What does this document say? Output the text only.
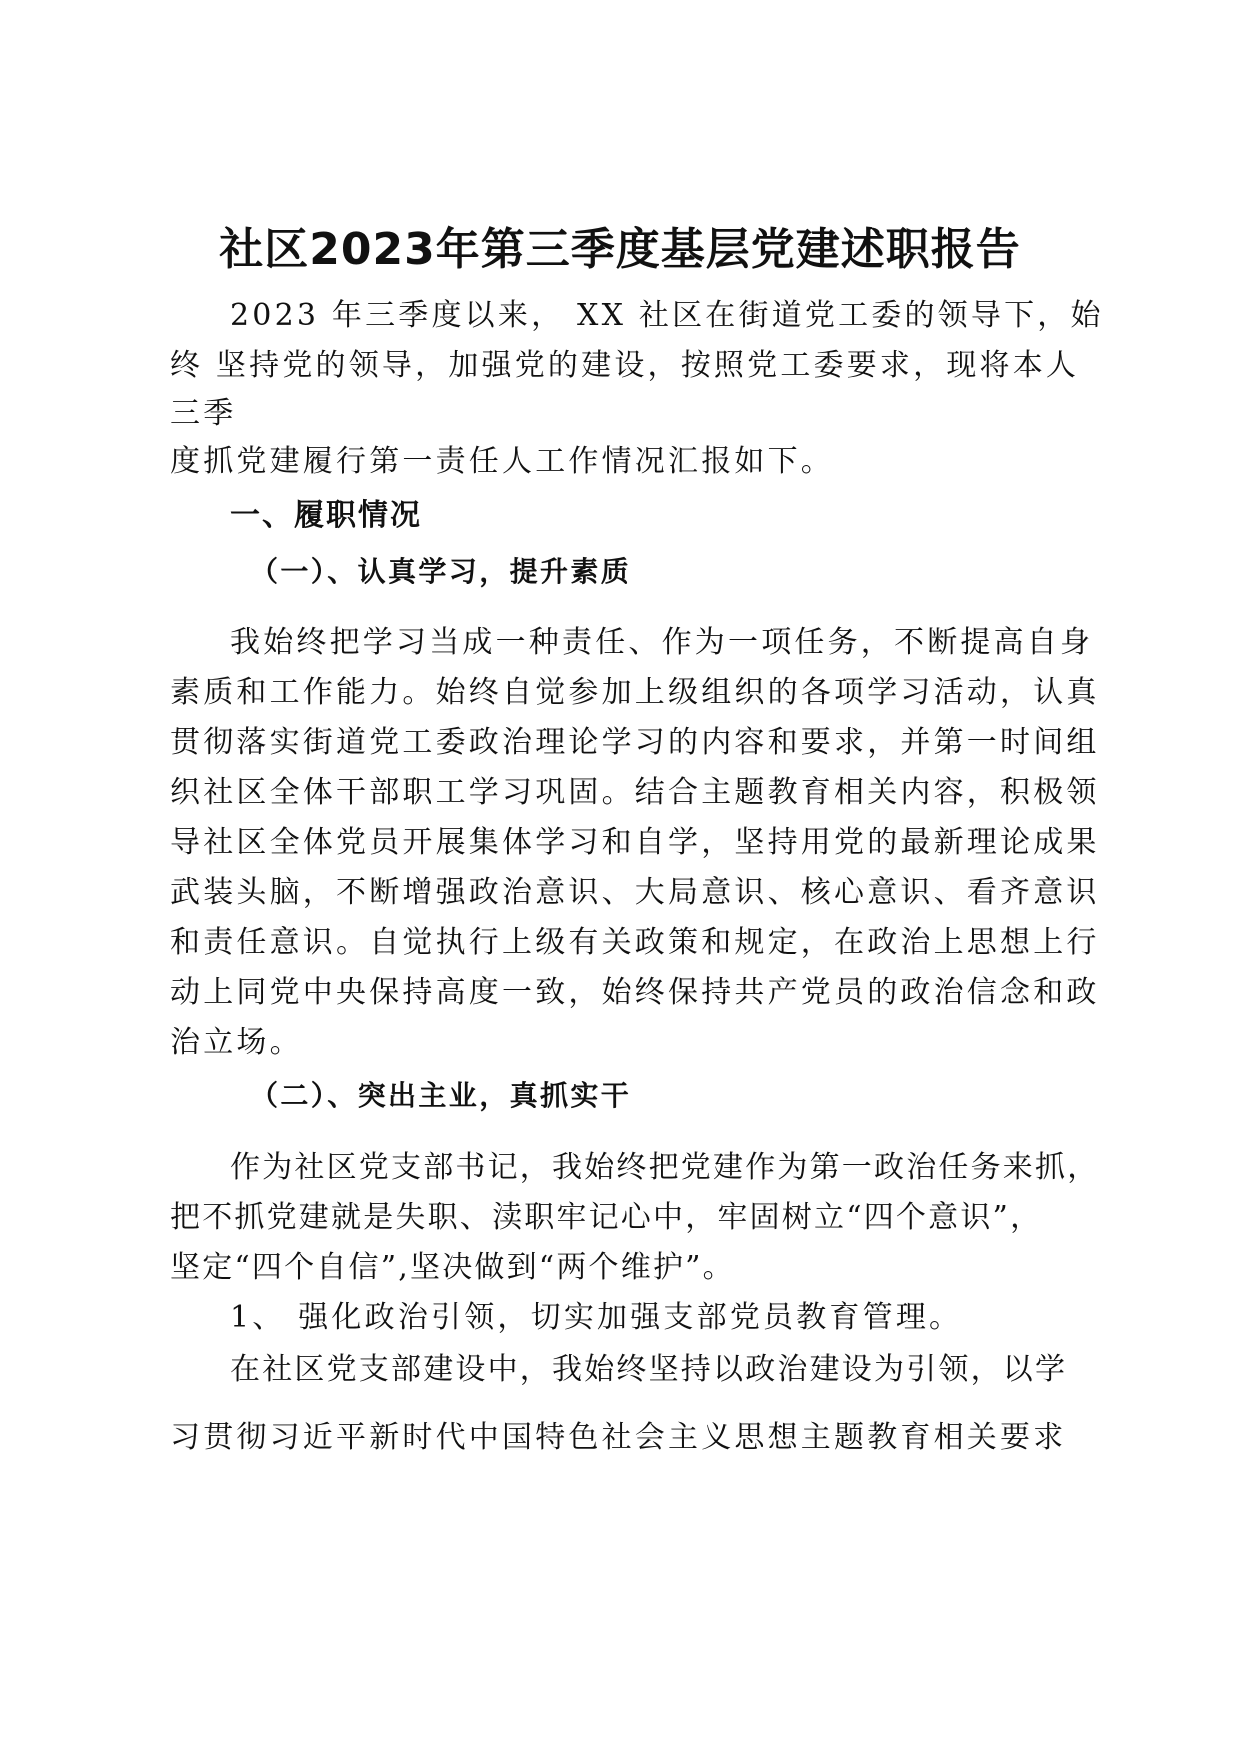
社区2023年第三季度基层党建述职报告

2023 年三季度以来， XX 社区在街道党工委的领导下，始

终 坚持党的领导，加强党的建设，按照党工委要求，现将本人

三季

度抓党建履行第一责任人工作情况汇报如下。

一、履职情况

（一）、认真学习，提升素质

我始终把学习当成一种责任、作为一项任务，不断提高自身

素质和工作能力。始终自觉参加上级组织的各项学习活动，认真

贯彻落实街道党工委政治理论学习的内容和要求，并第一时间组

织社区全体干部职工学习巩固。结合主题教育相关内容，积极领

导社区全体党员开展集体学习和自学，坚持用党的最新理论成果

武装头脑，不断增强政治意识、大局意识、核心意识、看齐意识

和责任意识。自觉执行上级有关政策和规定，在政治上思想上行

动上同党中央保持高度一致，始终保持共产党员的政治信念和政

治立场。

（二）、突出主业，真抓实干

作为社区党支部书记，我始终把党建作为第一政治任务来抓，

把不抓党建就是失职、渎职牢记心中，牢固树立“四个意识”，

坚定“四个自信”,坚决做到“两个维护”。

1、 强化政治引领，切实加强支部党员教育管理。

在社区党支部建设中，我始终坚持以政治建设为引领，以学

习贯彻习近平新时代中国特色社会主义思想主题教育相关要求
